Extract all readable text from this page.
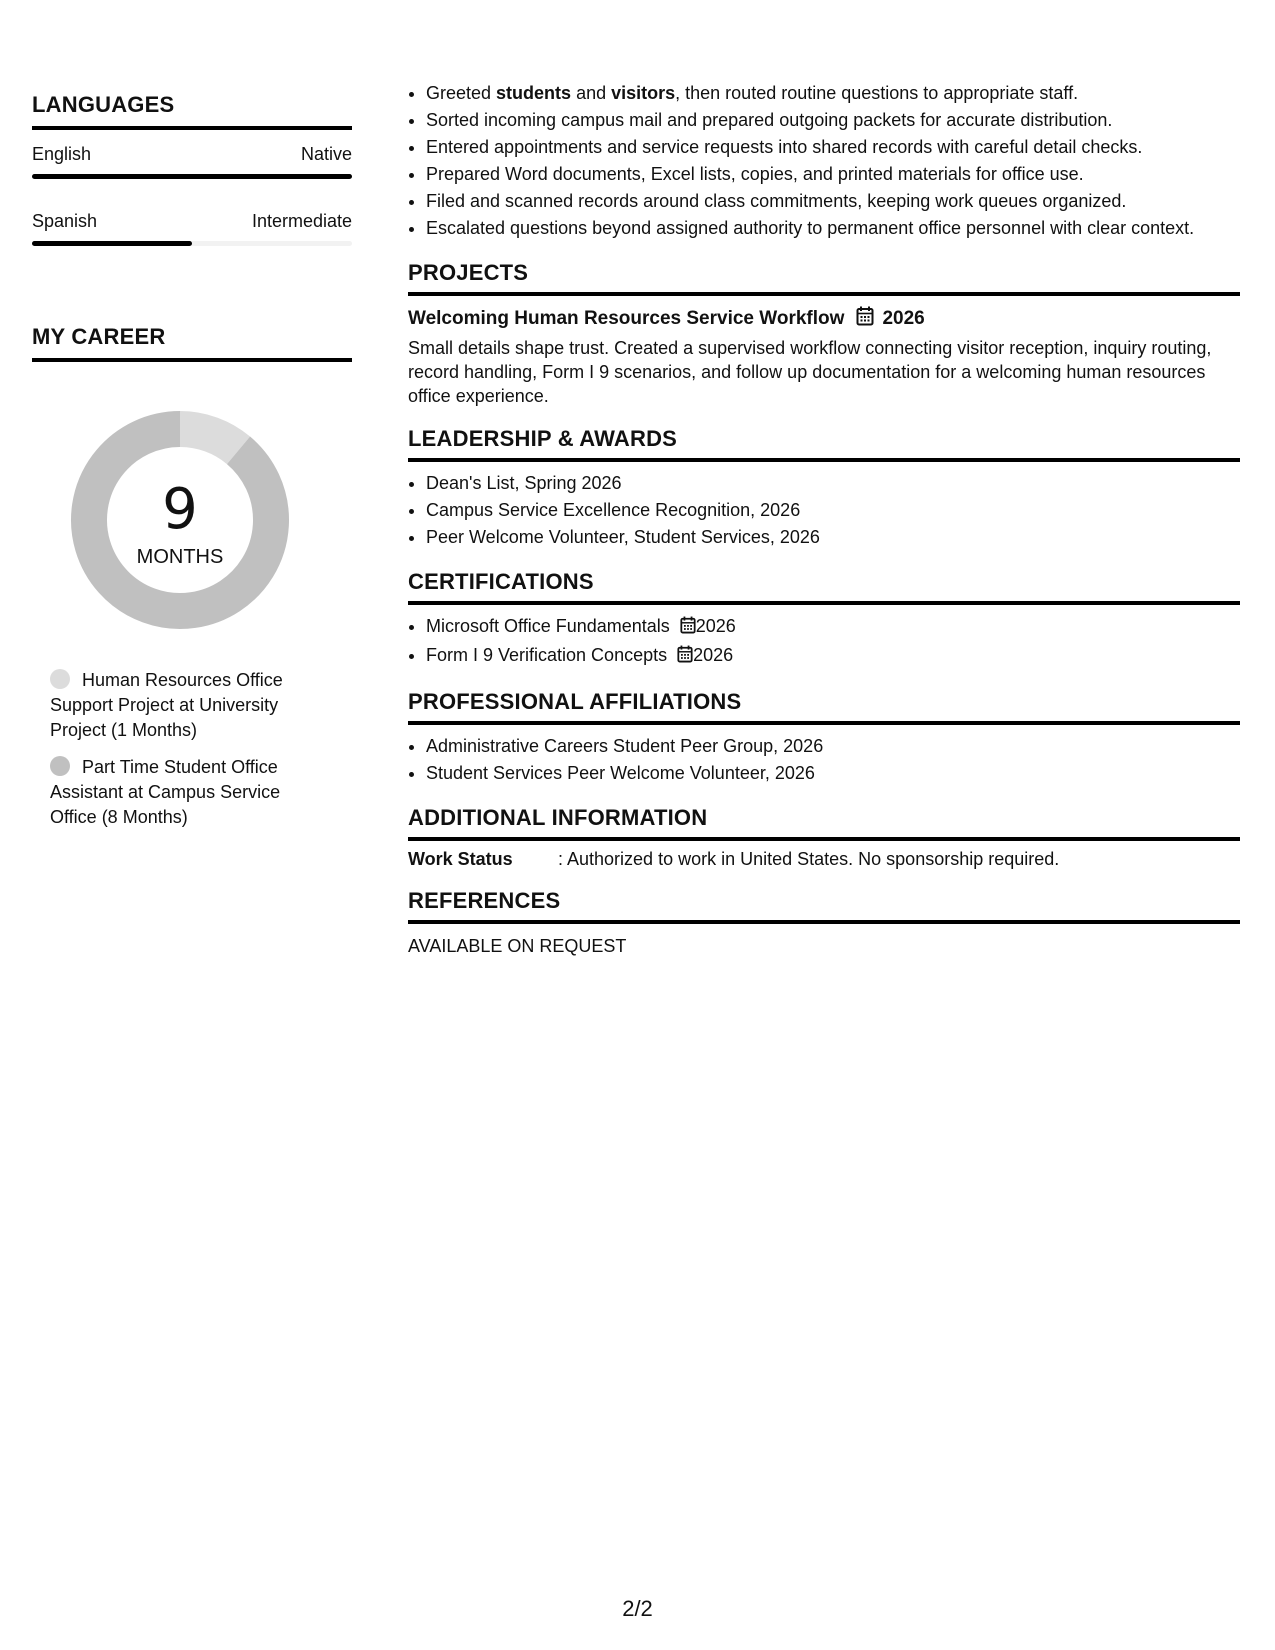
LANGUAGES
English	Native
Spanish	Intermediate
MY CAREER
9
MONTHS
Human Resources Office Support Project at University Project (1 Months)
Part Time Student Office Assistant at Campus Service Office (8 Months)
• Greeted students and visitors, then routed routine questions to appropriate staff.
• Sorted incoming campus mail and prepared outgoing packets for accurate distribution.
• Entered appointments and service requests into shared records with careful detail checks.
• Prepared Word documents, Excel lists, copies, and printed materials for office use.
• Filed and scanned records around class commitments, keeping work queues organized.
• Escalated questions beyond assigned authority to permanent office personnel with clear context.
PROJECTS
Welcoming Human Resources Service Workflow 2026
Small details shape trust. Created a supervised workflow connecting visitor reception, inquiry routing, record handling, Form I 9 scenarios, and follow up documentation for a welcoming human resources office experience.
LEADERSHIP & AWARDS
• Dean's List, Spring 2026
• Campus Service Excellence Recognition, 2026
• Peer Welcome Volunteer, Student Services, 2026
CERTIFICATIONS
• Microsoft Office Fundamentals 2026
• Form I 9 Verification Concepts 2026
PROFESSIONAL AFFILIATIONS
• Administrative Careers Student Peer Group, 2026
• Student Services Peer Welcome Volunteer, 2026
ADDITIONAL INFORMATION
Work Status	: Authorized to work in United States. No sponsorship required.
REFERENCES
AVAILABLE ON REQUEST
2/2
